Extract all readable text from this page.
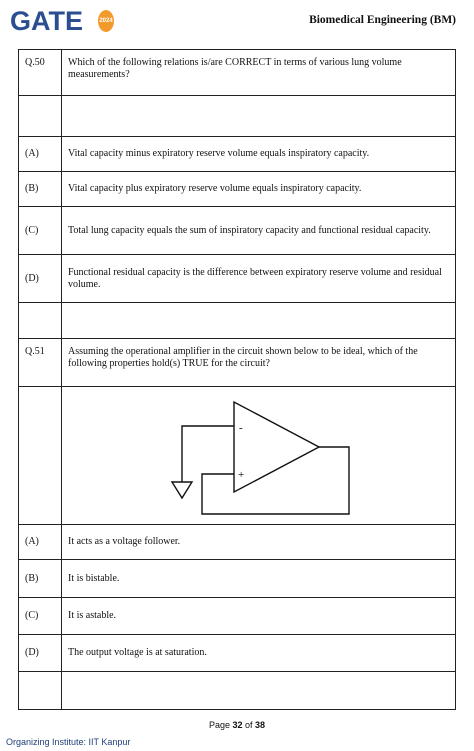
GATE	2024	Biomedical Engineering (BM)
Q.50	Which of the following relations is/are CORRECT in terms of various lung volume measurements?

(A)	Vital capacity minus expiratory reserve volume equals inspiratory capacity.
(B)	Vital capacity plus expiratory reserve volume equals inspiratory capacity.
(C)	Total lung capacity equals the sum of inspiratory capacity and functional residual capacity.
(D)	Functional residual capacity is the difference between expiratory reserve volume and residual volume.

Q.51	Assuming the operational amplifier in the circuit shown below to be ideal, which of the following properties hold(s) TRUE for the circuit?

-
+

(A)	It acts as a voltage follower.
(B)	It is bistable.
(C)	It is astable.
(D)	The output voltage is at saturation.

Page 32 of 38
Organizing Institute: IIT Kanpur
